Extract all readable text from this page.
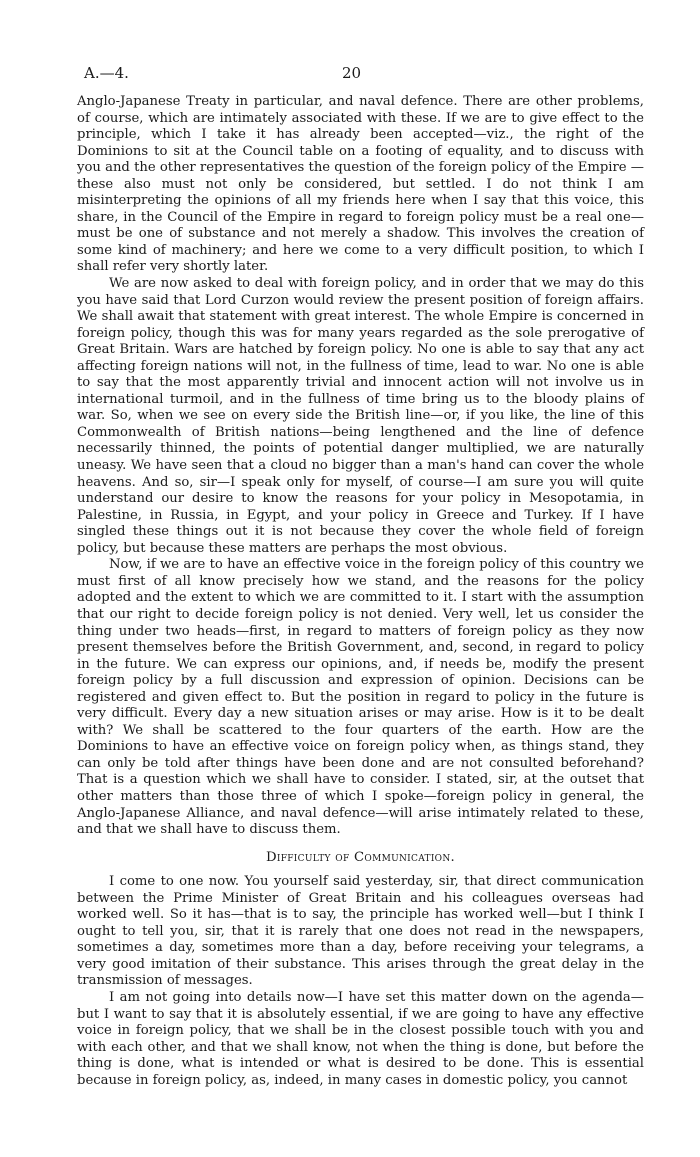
A.—4.	20

Anglo-Japanese Treaty in particular, and naval defence. There are other problems, of course, which are intimately associated with these. If we are to give effect to the principle, which I take it has already been accepted—viz., the right of the Dominions to sit at the Council table on a footing of equality, and to discuss with you and the other representatives the question of the foreign policy of the Empire —these also must not only be considered, but settled. I do not think I am misinterpreting the opinions of all my friends here when I say that this voice, this share, in the Council of the Empire in regard to foreign policy must be a real one—must be one of substance and not merely a shadow. This involves the creation of some kind of machinery; and here we come to a very difficult position, to which I shall refer very shortly later.

We are now asked to deal with foreign policy, and in order that we may do this you have said that Lord Curzon would review the present position of foreign affairs. We shall await that statement with great interest. The whole Empire is concerned in foreign policy, though this was for many years regarded as the sole prerogative of Great Britain. Wars are hatched by foreign policy. No one is able to say that any act affecting foreign nations will not, in the fullness of time, lead to war. No one is able to say that the most apparently trivial and innocent action will not involve us in international turmoil, and in the fullness of time bring us to the bloody plains of war. So, when we see on every side the British line—or, if you like, the line of this Commonwealth of British nations—being lengthened and the line of defence necessarily thinned, the points of potential danger multiplied, we are naturally uneasy. We have seen that a cloud no bigger than a man's hand can cover the whole heavens. And so, sir—I speak only for myself, of course—I am sure you will quite understand our desire to know the reasons for your policy in Mesopotamia, in Palestine, in Russia, in Egypt, and your policy in Greece and Turkey. If I have singled these things out it is not because they cover the whole field of foreign policy, but because these matters are perhaps the most obvious.

Now, if we are to have an effective voice in the foreign policy of this country we must first of all know precisely how we stand, and the reasons for the policy adopted and the extent to which we are committed to it. I start with the assumption that our right to decide foreign policy is not denied. Very well, let us consider the thing under two heads—first, in regard to matters of foreign policy as they now present themselves before the British Government, and, second, in regard to policy in the future. We can express our opinions, and, if needs be, modify the present foreign policy by a full discussion and expression of opinion. Decisions can be registered and given effect to. But the position in regard to policy in the future is very difficult. Every day a new situation arises or may arise. How is it to be dealt with? We shall be scattered to the four quarters of the earth. How are the Dominions to have an effective voice on foreign policy when, as things stand, they can only be told after things have been done and are not consulted beforehand? That is a question which we shall have to consider. I stated, sir, at the outset that other matters than those three of which I spoke—foreign policy in general, the Anglo-Japanese Alliance, and naval defence—will arise intimately related to these, and that we shall have to discuss them.

Difficulty of Communication.

I come to one now. You yourself said yesterday, sir, that direct communication between the Prime Minister of Great Britain and his colleagues overseas had worked well. So it has—that is to say, the principle has worked well—but I think I ought to tell you, sir, that it is rarely that one does not read in the newspapers, sometimes a day, sometimes more than a day, before receiving your telegrams, a very good imitation of their substance. This arises through the great delay in the transmission of messages.

I am not going into details now—I have set this matter down on the agenda—but I want to say that it is absolutely essential, if we are going to have any effective voice in foreign policy, that we shall be in the closest possible touch with you and with each other, and that we shall know, not when the thing is done, but before the thing is done, what is intended or what is desired to be done. This is essential because in foreign policy, as, indeed, in many cases in domestic policy, you cannot
